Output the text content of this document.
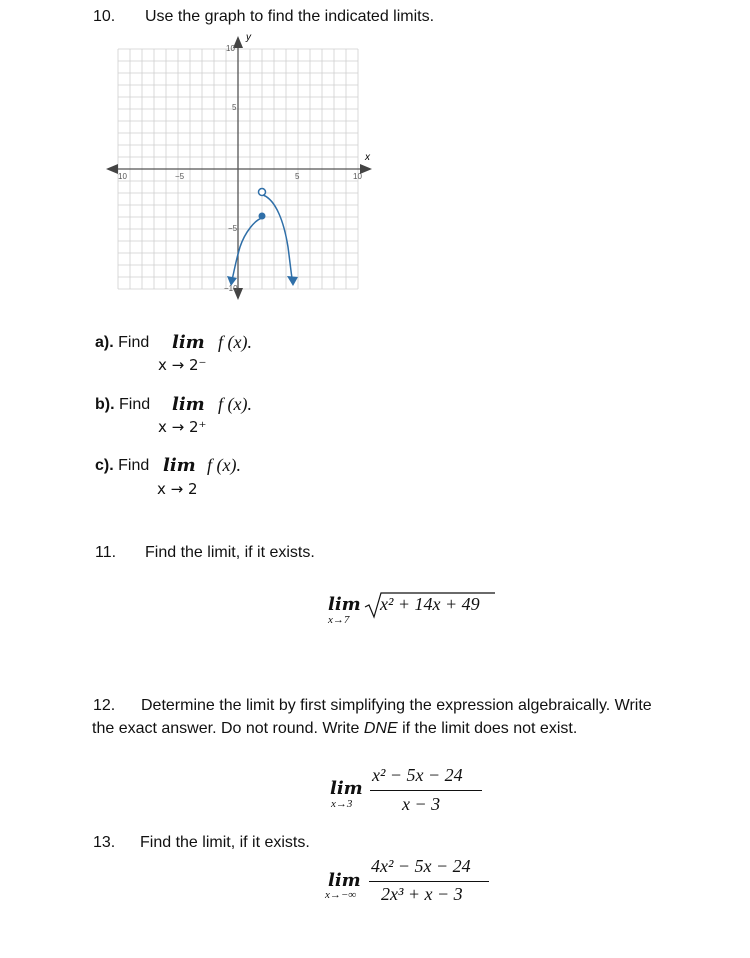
10. Use the graph to find the indicated limits.
y
x
10
5
−5
−10
10	−5	5	10
a). Find lim f (x).
x → 2⁻
b). Find lim f (x).
x → 2⁺
c). Find lim f (x).
x → 2
11. Find the limit, if it exists.
lim
x→7
x² + 14x + 49
12. Determine the limit by first simplifying the expression algebraically. Write
the exact answer. Do not round. Write DNE if the limit does not exist.
lim
x→3
x² − 5x − 24
x − 3
13. Find the limit, if it exists.
lim
x→−∞
4x² − 5x − 24
2x³ + x − 3
